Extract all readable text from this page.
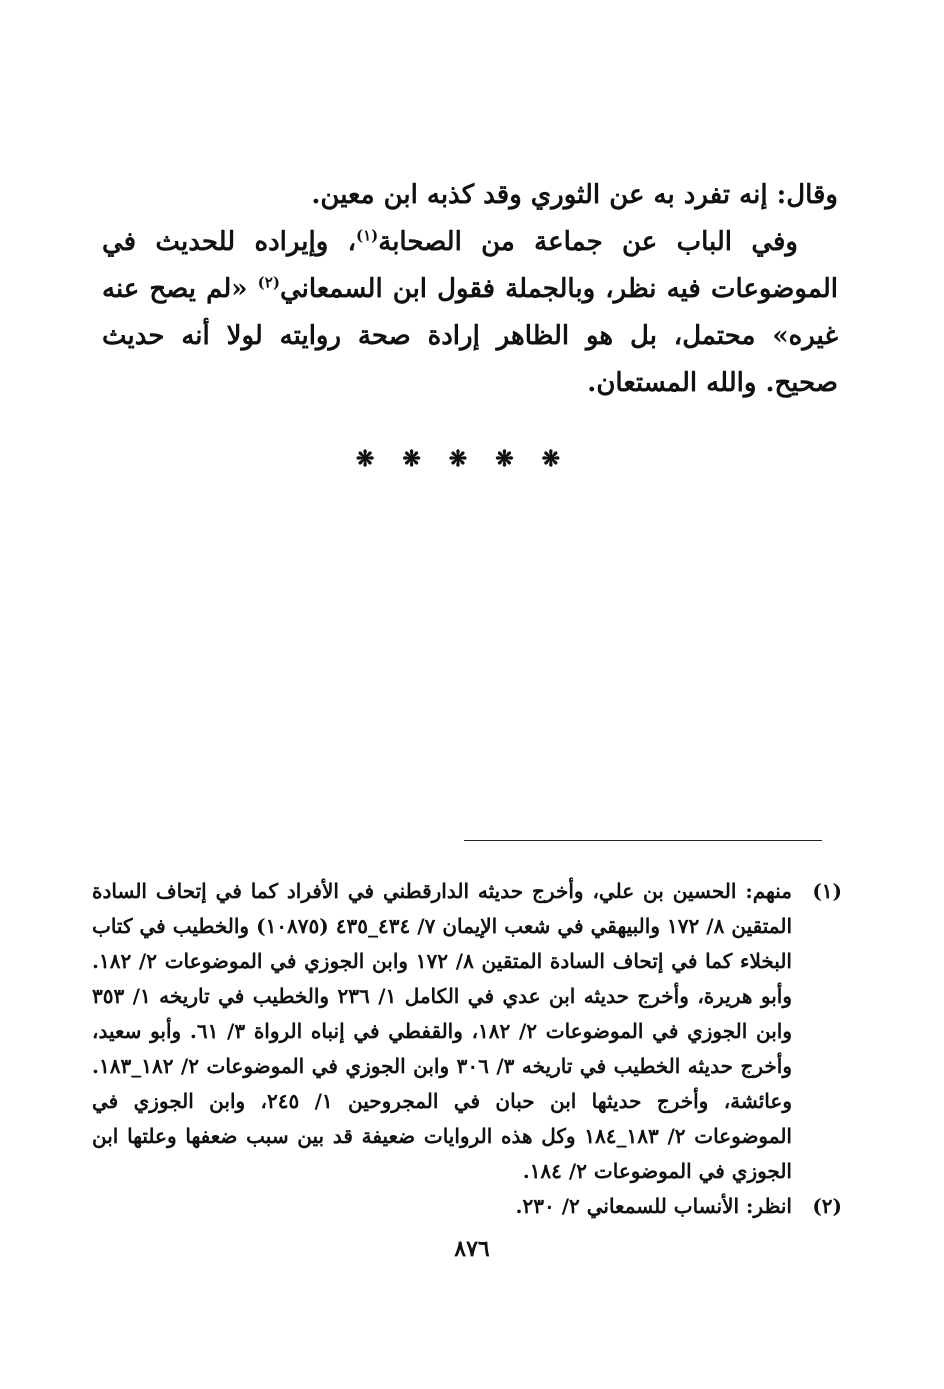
وقال: إنه تفرد به عن الثوري وقد كذبه ابن معين.

وفي الباب عن جماعة من الصحابة$^{(١)}$، وإيراده للحديث في الموضوعات فيه نظر، وبالجملة فقول ابن السمعاني$^{(٢)}$ «لم يصح عنه غيره» محتمل، بل هو الظاهر إرادة صحة روايته لولا أنه حديث صحيح. والله المستعان.

❋❋❋❋❋
(١)
منهم: الحسين بن علي، وأخرج حديثه الدارقطني في الأفراد كما في إتحاف السادة المتقين ٨/ ١٧٢ والبيهقي في شعب الإيمان ٧/ ٤٣٤_٤٣٥ (١٠٨٧٥) والخطيب في كتاب البخلاء كما في إتحاف السادة المتقين ٨/ ١٧٢ وابن الجوزي في الموضوعات ٢/ ١٨٢. وأبو هريرة، وأخرج حديثه ابن عدي في الكامل ١/ ٢٣٦ والخطيب في تاريخه ١/ ٣٥٣ وابن الجوزي في الموضوعات ٢/ ١٨٢، والقفطي في إنباه الرواة ٣/ ٦١. وأبو سعيد، وأخرج حديثه الخطيب في تاريخه ٣/ ٣٠٦ وابن الجوزي في الموضوعات ٢/ ١٨٢_١٨٣. وعائشة، وأخرج حديثها ابن حبان في المجروحين ١/ ٢٤٥، وابن الجوزي في الموضوعات ٢/ ١٨٣_١٨٤ وكل هذه الروايات ضعيفة قد بين سبب ضعفها وعلتها ابن الجوزي في الموضوعات ٢/ ١٨٤.
(٢)
انظر: الأنساب للسمعاني ٢/ ٢٣٠.
٨٧٦
